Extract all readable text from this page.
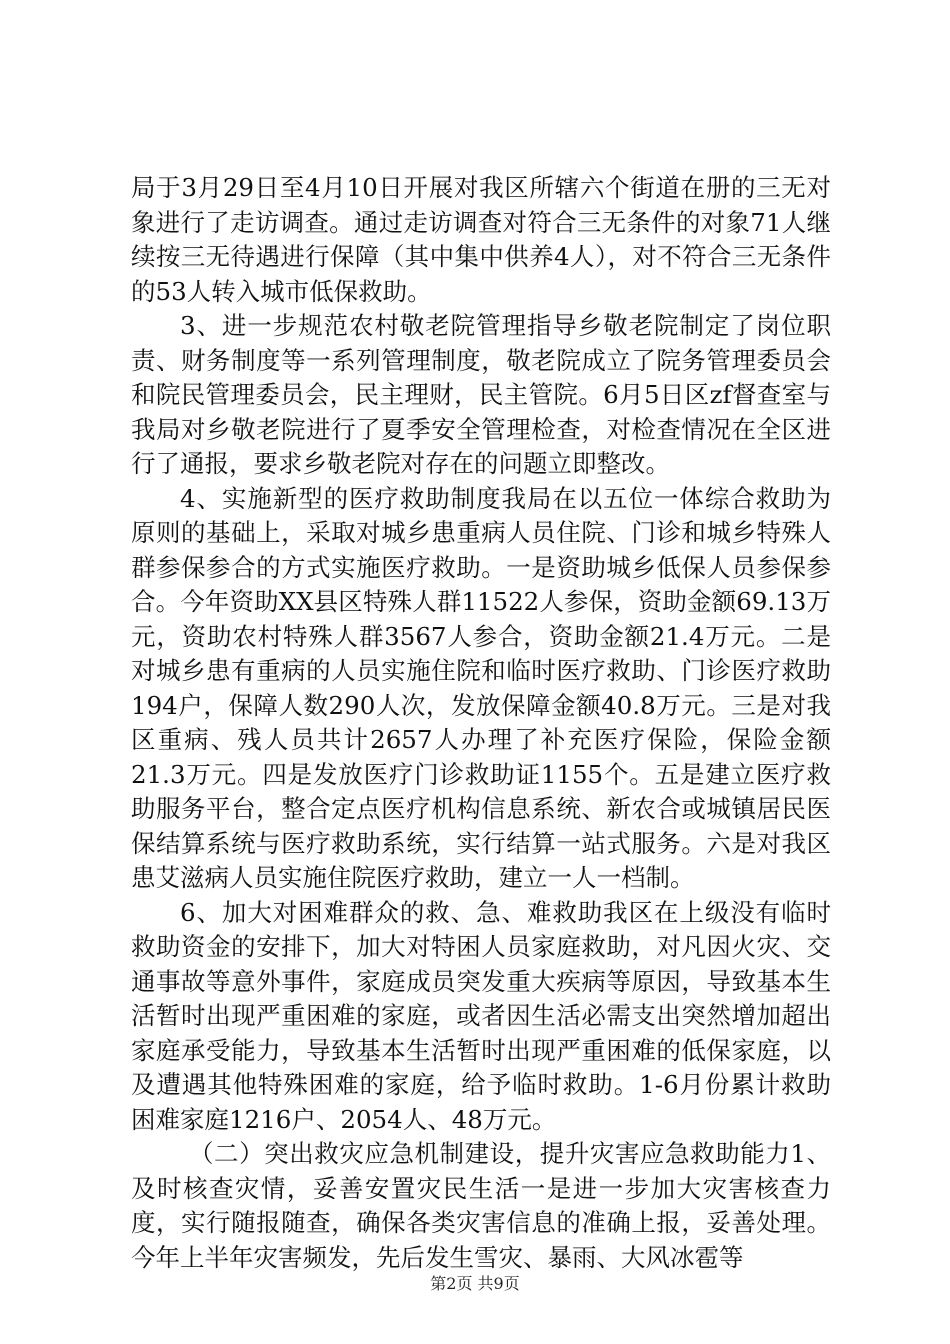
局于3月29日至4月10日开展对我区所辖六个街道在册的三无对象进行了走访调查。通过走访调查对符合三无条件的对象71人继续按三无待遇进行保障（其中集中供养4人），对不符合三无条件的53人转入城市低保救助。

3、进一步规范农村敬老院管理指导乡敬老院制定了岗位职责、财务制度等一系列管理制度，敬老院成立了院务管理委员会和院民管理委员会，民主理财，民主管院。6月5日区zf督查室与我局对乡敬老院进行了夏季安全管理检查，对检查情况在全区进行了通报，要求乡敬老院对存在的问题立即整改。

4、实施新型的医疗救助制度我局在以五位一体综合救助为原则的基础上，采取对城乡患重病人员住院、门诊和城乡特殊人群参保参合的方式实施医疗救助。一是资助城乡低保人员参保参合。今年资助XX县区特殊人群11522人参保，资助金额69.13万元，资助农村特殊人群3567人参合，资助金额21.4万元。二是对城乡患有重病的人员实施住院和临时医疗救助、门诊医疗救助194户，保障人数290人次，发放保障金额40.8万元。三是对我区重病、残人员共计2657人办理了补充医疗保险，保险金额21.3万元。四是发放医疗门诊救助证1155个。五是建立医疗救助服务平台，整合定点医疗机构信息系统、新农合或城镇居民医保结算系统与医疗救助系统，实行结算一站式服务。六是对我区患艾滋病人员实施住院医疗救助，建立一人一档制。

6、加大对困难群众的救、急、难救助我区在上级没有临时救助资金的安排下，加大对特困人员家庭救助，对凡因火灾、交通事故等意外事件，家庭成员突发重大疾病等原因，导致基本生活暂时出现严重困难的家庭，或者因生活必需支出突然增加超出家庭承受能力，导致基本生活暂时出现严重困难的低保家庭，以及遭遇其他特殊困难的家庭，给予临时救助。1-6月份累计救助困难家庭1216户、2054人、48万元。

（二）突出救灾应急机制建设，提升灾害应急救助能力1、及时核查灾情，妥善安置灾民生活一是进一步加大灾害核查力度，实行随报随查，确保各类灾害信息的准确上报，妥善处理。今年上半年灾害频发，先后发生雪灾、暴雨、大风冰雹等

第2页 共9页
